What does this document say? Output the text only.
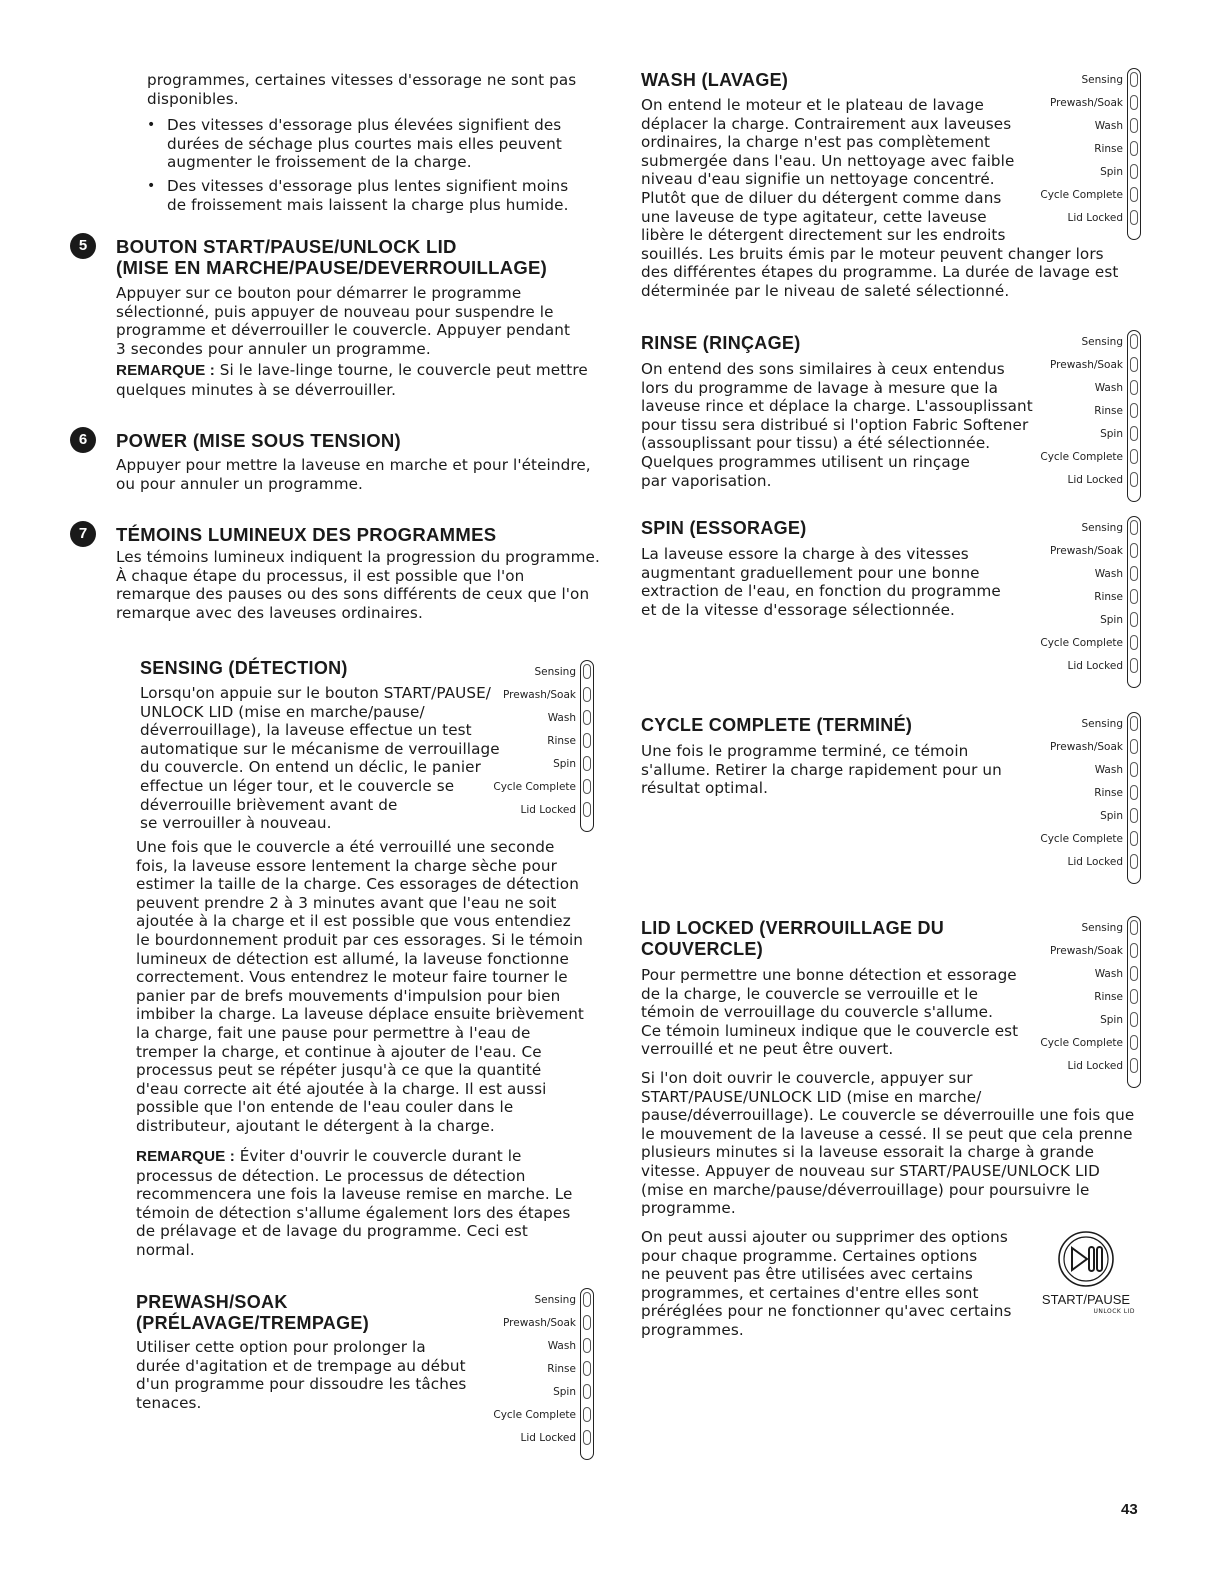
programmes, certaines vitesses d'essorage ne sont pas
disponibles.
• Des vitesses d'essorage plus élevées signifient des
durées de séchage plus courtes mais elles peuvent
augmenter le froissement de la charge.
• Des vitesses d'essorage plus lentes signifient moins
de froissement mais laissent la charge plus humide.
5	BOUTON START/PAUSE/UNLOCK LID
(MISE EN MARCHE/PAUSE/DEVERROUILLAGE)
Appuyer sur ce bouton pour démarrer le programme
sélectionné, puis appuyer de nouveau pour suspendre le
programme et déverrouiller le couvercle. Appuyer pendant
3 secondes pour annuler un programme.
REMARQUE : Si le lave-linge tourne, le couvercle peut mettre
quelques minutes à se déverrouiller.
6	POWER (MISE SOUS TENSION)
Appuyer pour mettre la laveuse en marche et pour l'éteindre,
ou pour annuler un programme.
7	TÉMOINS LUMINEUX DES PROGRAMMES
Les témoins lumineux indiquent la progression du programme.
À chaque étape du processus, il est possible que l'on
remarque des pauses ou des sons différents de ceux que l'on
remarque avec des laveuses ordinaires.
SENSING (DÉTECTION)
Lorsqu'on appuie sur le bouton START/PAUSE/
UNLOCK LID (mise en marche/pause/
déverrouillage), la laveuse effectue un test
automatique sur le mécanisme de verrouillage
du couvercle. On entend un déclic, le panier
effectue un léger tour, et le couvercle se
déverrouille brièvement avant de
se verrouiller à nouveau.
Sensing
Prewash/Soak
Wash
Rinse
Spin
Cycle Complete
Lid Locked
Une fois que le couvercle a été verrouillé une seconde
fois, la laveuse essore lentement la charge sèche pour
estimer la taille de la charge. Ces essorages de détection
peuvent prendre 2 à 3 minutes avant que l'eau ne soit
ajoutée à la charge et il est possible que vous entendiez
le bourdonnement produit par ces essorages. Si le témoin
lumineux de détection est allumé, la laveuse fonctionne
correctement. Vous entendrez le moteur faire tourner le
panier par de brefs mouvements d'impulsion pour bien
imbiber la charge. La laveuse déplace ensuite brièvement
la charge, fait une pause pour permettre à l'eau de
tremper la charge, et continue à ajouter de l'eau. Ce
processus peut se répéter jusqu'à ce que la quantité
d'eau correcte ait été ajoutée à la charge. Il est aussi
possible que l'on entende de l'eau couler dans le
distributeur, ajoutant le détergent à la charge.
REMARQUE : Éviter d'ouvrir le couvercle durant le
processus de détection. Le processus de détection
recommencera une fois la laveuse remise en marche. Le
témoin de détection s'allume également lors des étapes
de prélavage et de lavage du programme. Ceci est
normal.
PREWASH/SOAK
(PRÉLAVAGE/TREMPAGE)
Utiliser cette option pour prolonger la
durée d'agitation et de trempage au début
d'un programme pour dissoudre les tâches
tenaces.
Sensing
Prewash/Soak
Wash
Rinse
Spin
Cycle Complete
Lid Locked
WASH (LAVAGE)
On entend le moteur et le plateau de lavage
déplacer la charge. Contrairement aux laveuses
ordinaires, la charge n'est pas complètement
submergée dans l'eau. Un nettoyage avec faible
niveau d'eau signifie un nettoyage concentré.
Plutôt que de diluer du détergent comme dans
une laveuse de type agitateur, cette laveuse
libère le détergent directement sur les endroits
souillés. Les bruits émis par le moteur peuvent changer lors
des différentes étapes du programme. La durée de lavage est
déterminée par le niveau de saleté sélectionné.
Sensing
Prewash/Soak
Wash
Rinse
Spin
Cycle Complete
Lid Locked
RINSE (RINÇAGE)
On entend des sons similaires à ceux entendus
lors du programme de lavage à mesure que la
laveuse rince et déplace la charge. L'assouplissant
pour tissu sera distribué si l'option Fabric Softener
(assouplissant pour tissu) a été sélectionnée.
Quelques programmes utilisent un rinçage
par vaporisation.
Sensing
Prewash/Soak
Wash
Rinse
Spin
Cycle Complete
Lid Locked
SPIN (ESSORAGE)
La laveuse essore la charge à des vitesses
augmentant graduellement pour une bonne
extraction de l'eau, en fonction du programme
et de la vitesse d'essorage sélectionnée.
Sensing
Prewash/Soak
Wash
Rinse
Spin
Cycle Complete
Lid Locked
CYCLE COMPLETE (TERMINÉ)
Une fois le programme terminé, ce témoin
s'allume. Retirer la charge rapidement pour un
résultat optimal.
Sensing
Prewash/Soak
Wash
Rinse
Spin
Cycle Complete
Lid Locked
LID LOCKED (VERROUILLAGE DU
COUVERCLE)
Pour permettre une bonne détection et essorage
de la charge, le couvercle se verrouille et le
témoin de verrouillage du couvercle s'allume.
Ce témoin lumineux indique que le couvercle est
verrouillé et ne peut être ouvert.
Sensing
Prewash/Soak
Wash
Rinse
Spin
Cycle Complete
Lid Locked
Si l'on doit ouvrir le couvercle, appuyer sur
START/PAUSE/UNLOCK LID (mise en marche/
pause/déverrouillage). Le couvercle se déverrouille une fois que
le mouvement de la laveuse a cessé. Il se peut que cela prenne
plusieurs minutes si la laveuse essorait la charge à grande
vitesse. Appuyer de nouveau sur START/PAUSE/UNLOCK LID
(mise en marche/pause/déverrouillage) pour poursuivre le
programme.
On peut aussi ajouter ou supprimer des options
pour chaque programme. Certaines options
ne peuvent pas être utilisées avec certains
programmes, et certaines d'entre elles sont
préréglées pour ne fonctionner qu'avec certains
programmes.
START/PAUSE
UNLOCK LID
43
